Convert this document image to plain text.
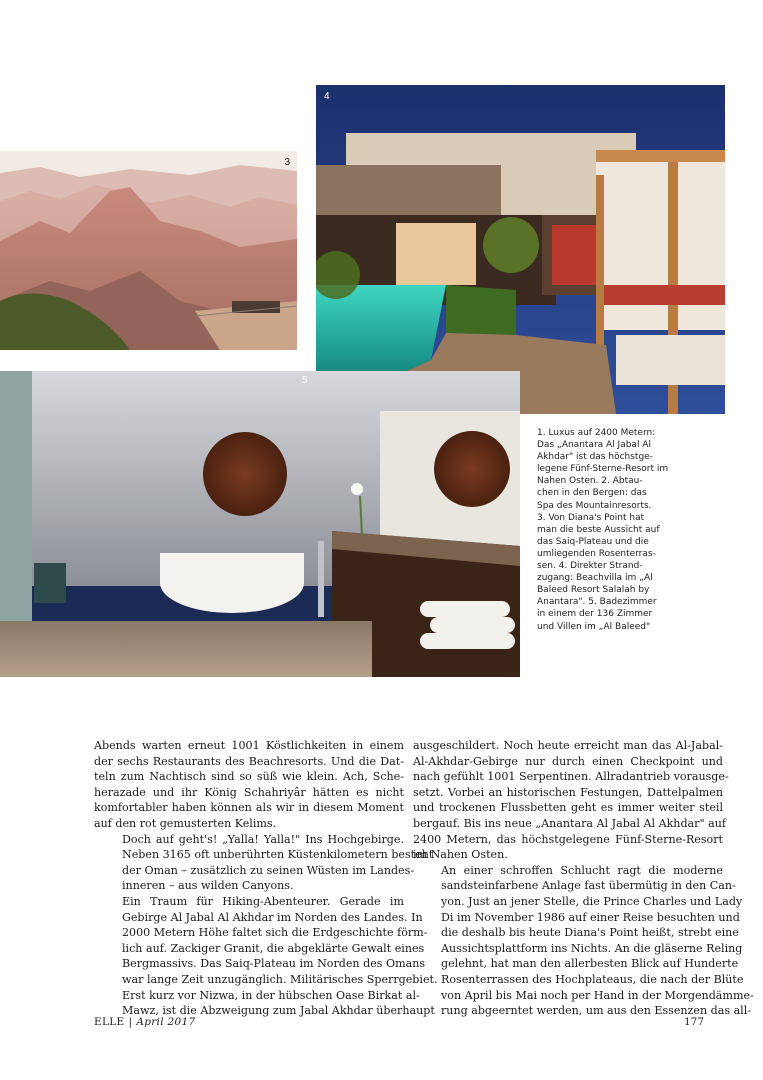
3
4
5
1. Luxus auf 2400 Metern:
Das „Anantara Al Jabal Al
Akhdar" ist das höchstge-
legene Fünf-Sterne-Resort im
Nahen Osten. 2. Abtau-
chen in den Bergen: das
Spa des Mountainresorts.
3. Von Diana's Point hat
man die beste Aussicht auf
das Saiq-Plateau und die
umliegenden Rosenterras-
sen. 4. Direkter Strand-
zugang: Beachvilla im „Al
Baleed Resort Salalah by
Anantara". 5. Badezimmer
in einem der 136 Zimmer
und Villen im „Al Baleed"

Abends warten erneut 1001 Köstlichkeiten in einem
der sechs Restaurants des Beachresorts. Und die Dat-
teln zum Nachtisch sind so süß wie klein. Ach, Sche-
herazade und ihr König Schahriyâr hätten es nicht
komfortabler haben können als wir in diesem Moment
auf den rot gemusterten Kelims.

Doch auf geht's! „Yalla! Yalla!" Ins Hochgebirge.
Neben 3165 oft unberührten Küstenkilometern besteht
der Oman – zusätzlich zu seinen Wüsten im Landes-
inneren – aus wilden Canyons.

Ein Traum für Hiking-Abenteurer. Gerade im
Gebirge Al Jabal Al Akhdar im Norden des Landes. In
2000 Metern Höhe faltet sich die Erdgeschichte förm-
lich auf. Zackiger Granit, die abgeklärte Gewalt eines
Bergmassivs. Das Saiq-Plateau im Norden des Omans
war lange Zeit unzugänglich. Militärisches Sperrgebiet.
Erst kurz vor Nizwa, in der hübschen Oase Birkat al-
Mawz, ist die Abzweigung zum Jabal Akhdar überhaupt

ausgeschildert. Noch heute erreicht man das Al-Jabal-
Al-Akhdar-Gebirge nur durch einen Checkpoint und
nach gefühlt 1001 Serpentinen. Allradantrieb vorausge-
setzt. Vorbei an historischen Festungen, Dattelpalmen
und trockenen Flussbetten geht es immer weiter steil
bergauf. Bis ins neue „Anantara Al Jabal Al Akhdar" auf
2400 Metern, das höchstgelegene Fünf-Sterne-Resort
im Nahen Osten.

An einer schroffen Schlucht ragt die moderne
sandsteinfarbene Anlage fast übermütig in den Can-
yon. Just an jener Stelle, die Prince Charles und Lady
Di im November 1986 auf einer Reise besuchten und
die deshalb bis heute Diana's Point heißt, strebt eine
Aussichtsplattform ins Nichts. An die gläserne Reling
gelehnt, hat man den allerbesten Blick auf Hunderte
Rosenterrassen des Hochplateaus, die nach der Blüte
von April bis Mai noch per Hand in der Morgendämme-
rung abgeerntet werden, um aus den Essenzen das all-

ELLE | April 2017	177
